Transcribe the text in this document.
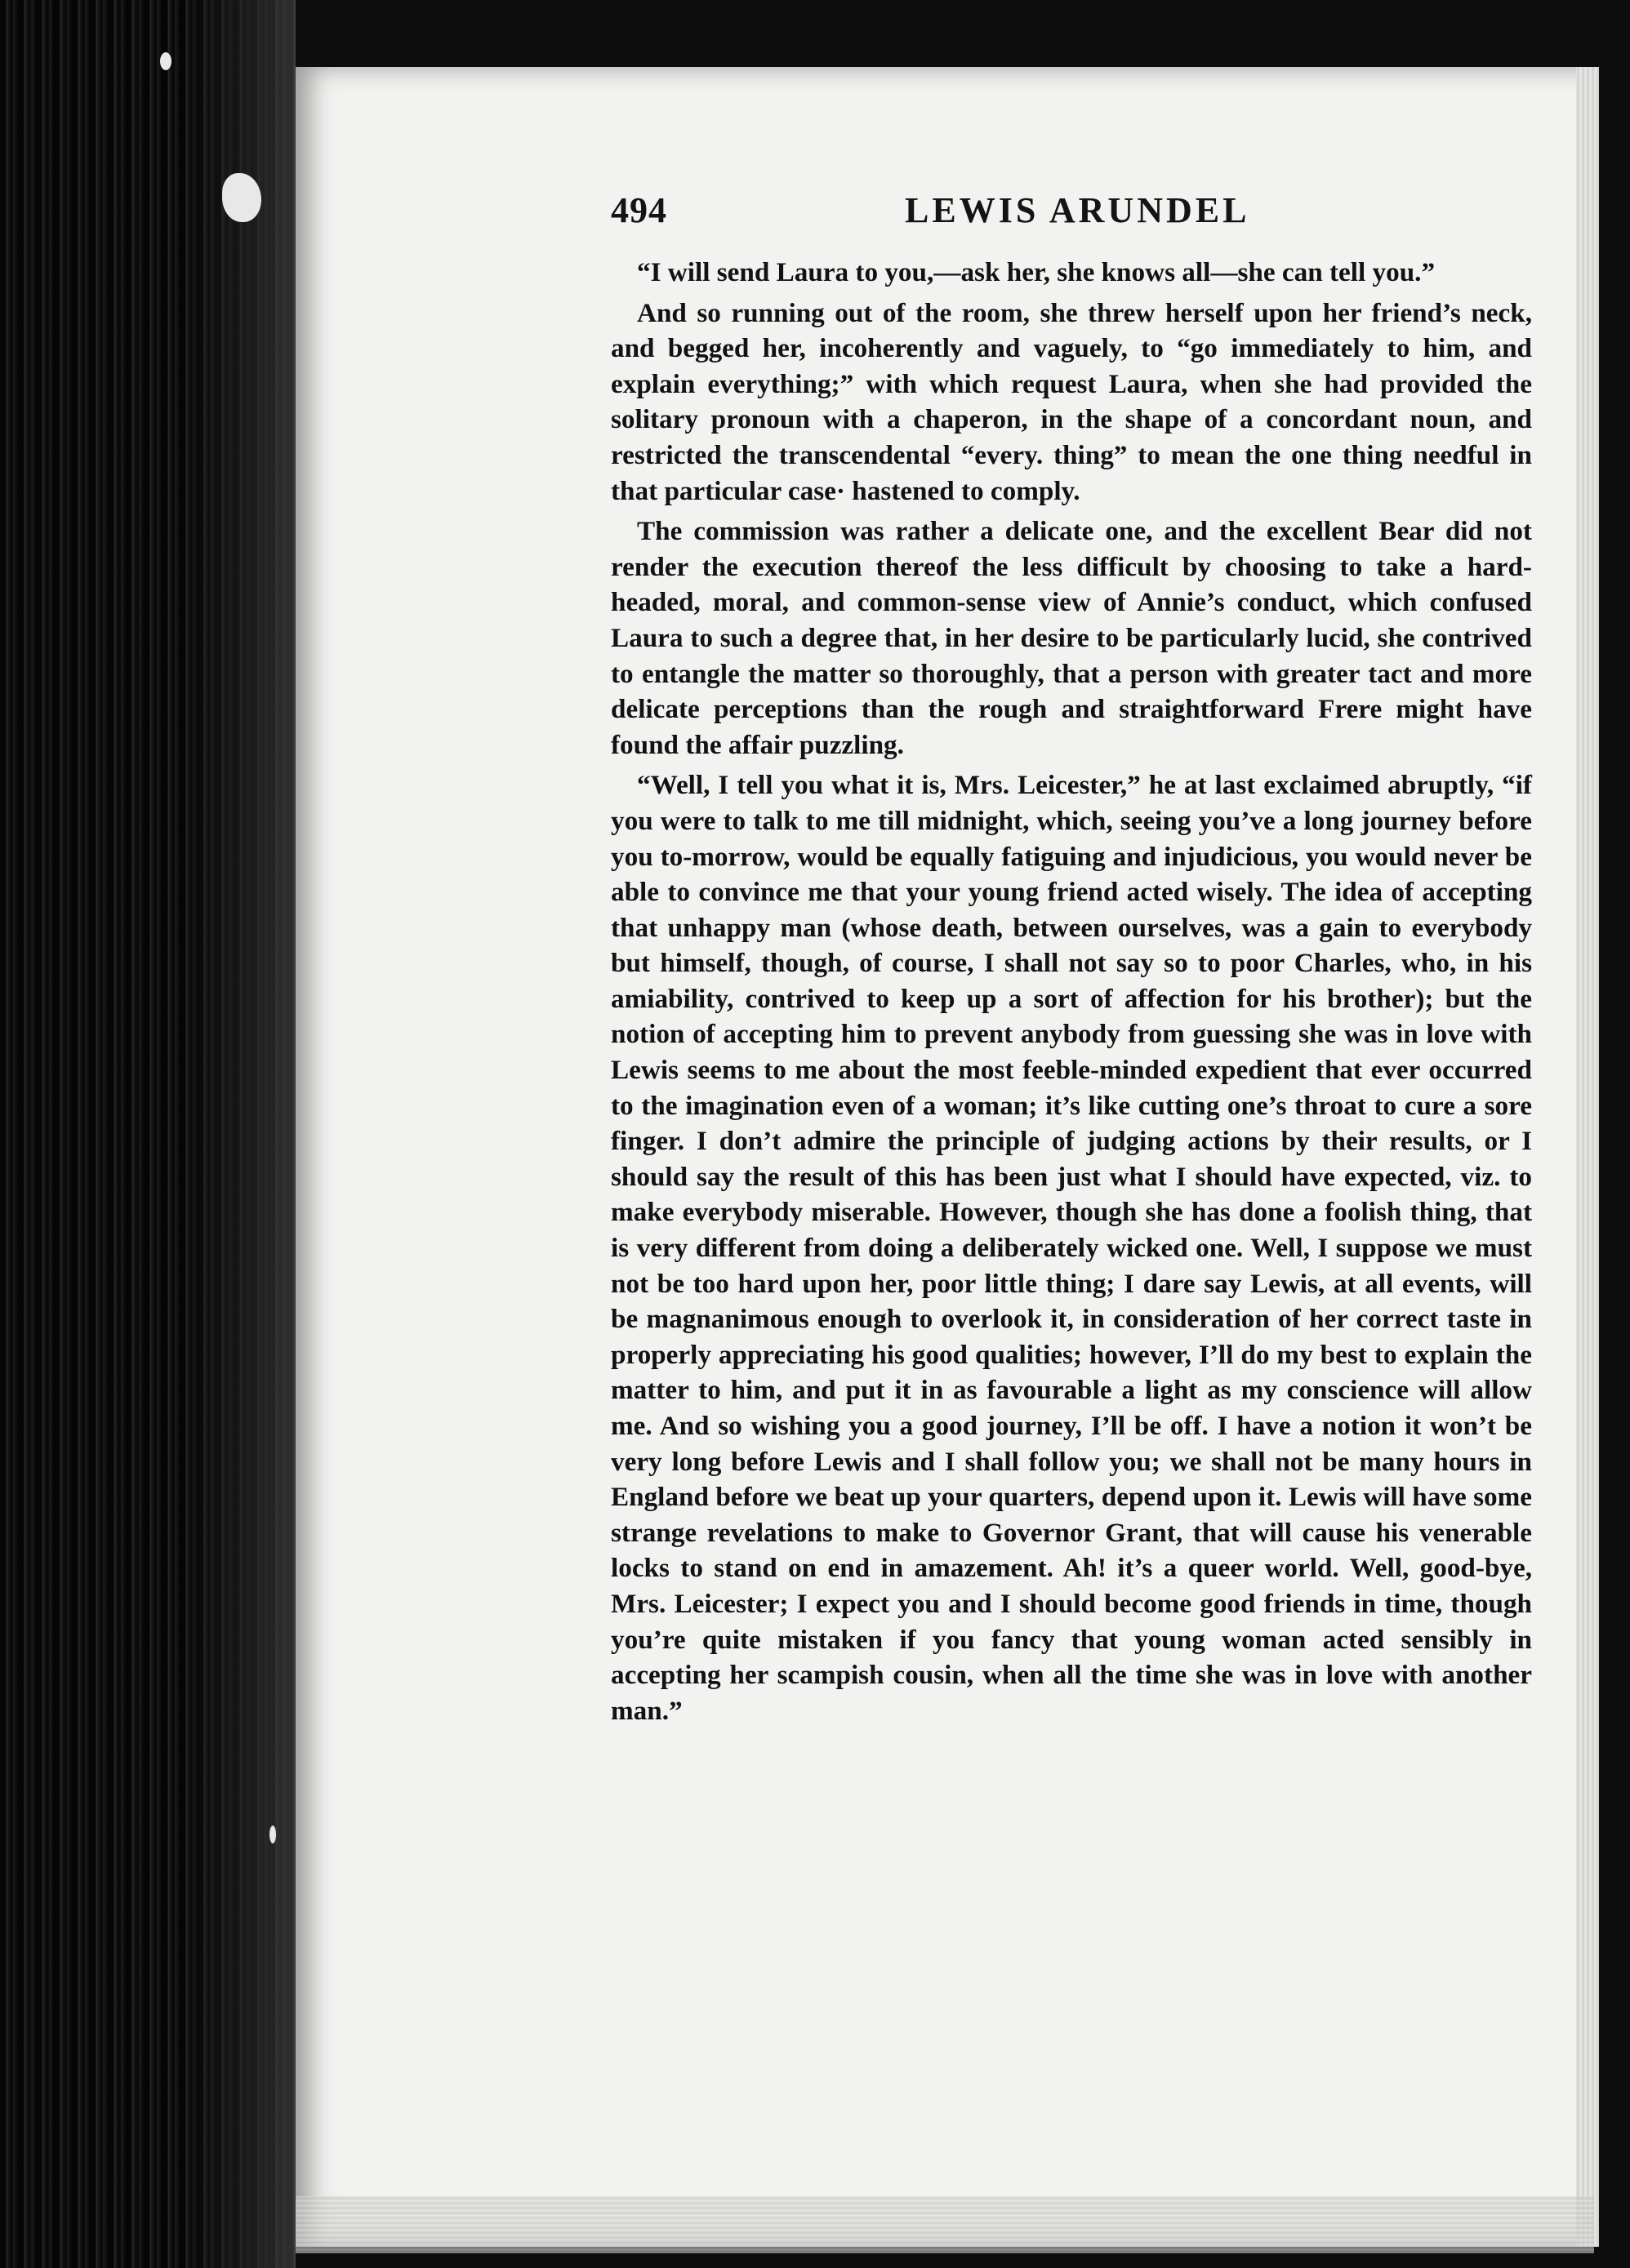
494	LEWIS ARUNDEL

“I will send Laura to you,—ask her, she knows all—she can tell you.”

And so running out of the room, she threw herself upon her friend’s neck, and begged her, incoherently and vaguely, to “go immediately to him, and explain everything;” with which request Laura, when she had provided the solitary pronoun with a chaperon, in the shape of a concordant noun, and restricted the transcendental “every. thing” to mean the one thing needful in that particular case· hastened to comply.

The commission was rather a delicate one, and the excellent Bear did not render the execution thereof the less difficult by choosing to take a hard-headed, moral, and common-sense view of Annie’s conduct, which confused Laura to such a degree that, in her desire to be particularly lucid, she contrived to entangle the matter so thoroughly, that a person with greater tact and more delicate perceptions than the rough and straightforward Frere might have found the affair puzzling.

“Well, I tell you what it is, Mrs. Leicester,” he at last exclaimed abruptly, “if you were to talk to me till midnight, which, seeing you’ve a long journey before you to-morrow, would be equally fatiguing and injudicious, you would never be able to convince me that your young friend acted wisely. The idea of accepting that unhappy man (whose death, between ourselves, was a gain to everybody but himself, though, of course, I shall not say so to poor Charles, who, in his amiability, contrived to keep up a sort of affection for his brother); but the notion of accepting him to prevent anybody from guessing she was in love with Lewis seems to me about the most feeble-minded expedient that ever occurred to the imagination even of a woman; it’s like cutting one’s throat to cure a sore finger. I don’t admire the principle of judging actions by their results, or I should say the result of this has been just what I should have expected, viz. to make everybody miserable. However, though she has done a foolish thing, that is very different from doing a deliberately wicked one. Well, I suppose we must not be too hard upon her, poor little thing; I dare say Lewis, at all events, will be magnanimous enough to overlook it, in consideration of her correct taste in properly appreciating his good qualities; however, I’ll do my best to explain the matter to him, and put it in as favourable a light as my conscience will allow me. And so wishing you a good journey, I’ll be off. I have a notion it won’t be very long before Lewis and I shall follow you; we shall not be many hours in England before we beat up your quarters, depend upon it. Lewis will have some strange revelations to make to Governor Grant, that will cause his venerable locks to stand on end in amazement. Ah! it’s a queer world. Well, good-bye, Mrs. Leicester; I expect you and I should become good friends in time, though you’re quite mistaken if you fancy that young woman acted sensibly in accepting her scampish cousin, when all the time she was in love with another man.”
